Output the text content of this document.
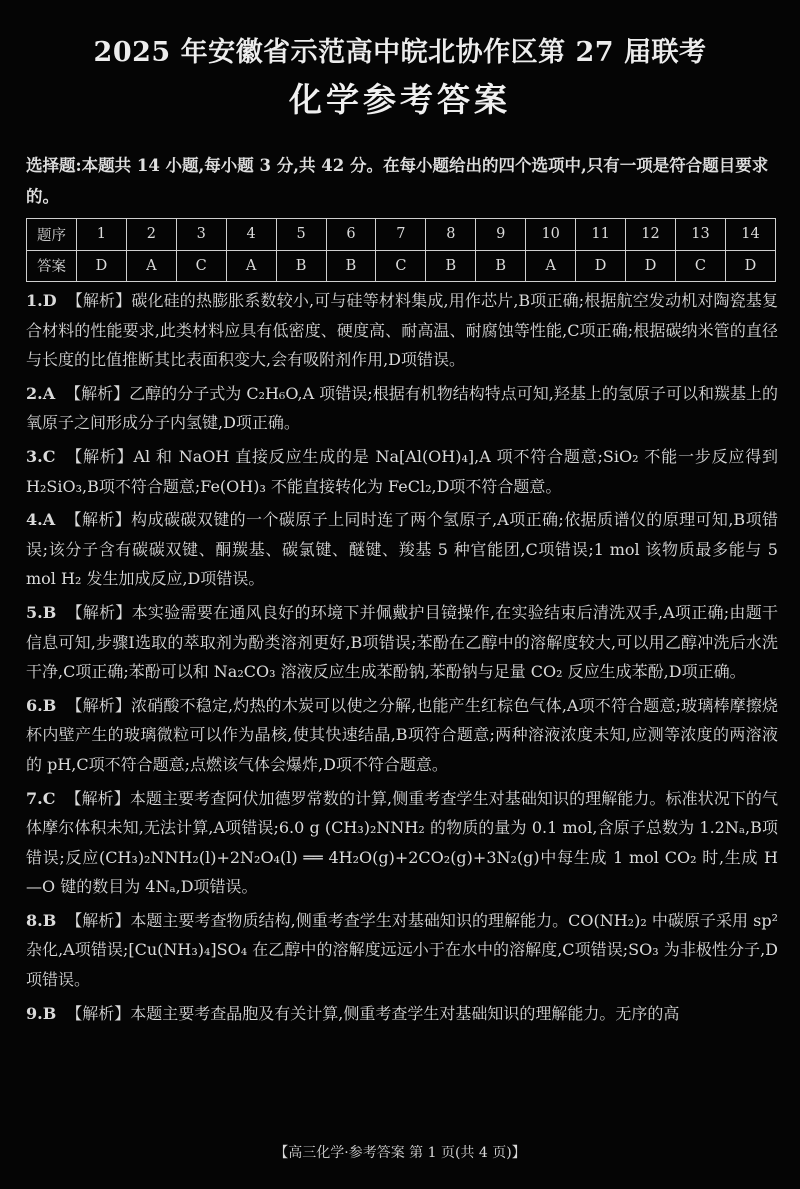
2025 年安徽省示范高中皖北协作区第 27 届联考
化学参考答案
选择题:本题共 14 小题,每小题 3 分,共 42 分。在每小题给出的四个选项中,只有一项是符合题目要求的。
题序	1	2	3	4	5	6	7	8	9	10	11	12	13	14
答案	D	A	C	A	B	B	C	B	B	A	D	D	C	D
1.D 【解析】碳化硅的热膨胀系数较小,可与硅等材料集成,用作芯片,B项正确;根据航空发动机对陶瓷基复合材料的性能要求,此类材料应具有低密度、硬度高、耐高温、耐腐蚀等性能,C项正确;根据碳纳米管的直径与长度的比值推断其比表面积变大,会有吸附剂作用,D项错误。
2.A 【解析】乙醇的分子式为 C₂H₆O,A 项错误;根据有机物结构特点可知,羟基上的氢原子可以和羰基上的氧原子之间形成分子内氢键,D项正确。
3.C 【解析】Al 和 NaOH 直接反应生成的是 Na[Al(OH)₄],A 项不符合题意;SiO₂ 不能一步反应得到 H₂SiO₃,B项不符合题意;Fe(OH)₃ 不能直接转化为 FeCl₂,D项不符合题意。
4.A 【解析】构成碳碳双键的一个碳原子上同时连了两个氢原子,A项正确;依据质谱仪的原理可知,B项错误;该分子含有碳碳双键、酮羰基、碳氯键、醚键、羧基 5 种官能团,C项错误;1 mol 该物质最多能与 5 mol H₂ 发生加成反应,D项错误。
5.B 【解析】本实验需要在通风良好的环境下并佩戴护目镜操作,在实验结束后清洗双手,A项正确;由题干信息可知,步骤Ⅰ选取的萃取剂为酚类溶剂更好,B项错误;苯酚在乙醇中的溶解度较大,可以用乙醇冲洗后水洗干净,C项正确;苯酚可以和 Na₂CO₃ 溶液反应生成苯酚钠,苯酚钠与足量 CO₂ 反应生成苯酚,D项正确。
6.B 【解析】浓硝酸不稳定,灼热的木炭可以使之分解,也能产生红棕色气体,A项不符合题意;玻璃棒摩擦烧杯内壁产生的玻璃微粒可以作为晶核,使其快速结晶,B项符合题意;两种溶液浓度未知,应测等浓度的两溶液的 pH,C项不符合题意;点燃该气体会爆炸,D项不符合题意。
7.C 【解析】本题主要考查阿伏加德罗常数的计算,侧重考查学生对基础知识的理解能力。标准状况下的气体摩尔体积未知,无法计算,A项错误;6.0 g (CH₃)₂NNH₂ 的物质的量为 0.1 mol,含原子总数为 1.2Nₐ,B项错误;反应(CH₃)₂NNH₂(l)+2N₂O₄(l) ══ 4H₂O(g)+2CO₂(g)+3N₂(g)中每生成 1 mol CO₂ 时,生成 H—O 键的数目为 4Nₐ,D项错误。
8.B 【解析】本题主要考查物质结构,侧重考查学生对基础知识的理解能力。CO(NH₂)₂ 中碳原子采用 sp² 杂化,A项错误;[Cu(NH₃)₄]SO₄ 在乙醇中的溶解度远远小于在水中的溶解度,C项错误;SO₃ 为非极性分子,D项错误。
9.B 【解析】本题主要考查晶胞及有关计算,侧重考查学生对基础知识的理解能力。无序的高
【高三化学·参考答案 第 1 页(共 4 页)】
